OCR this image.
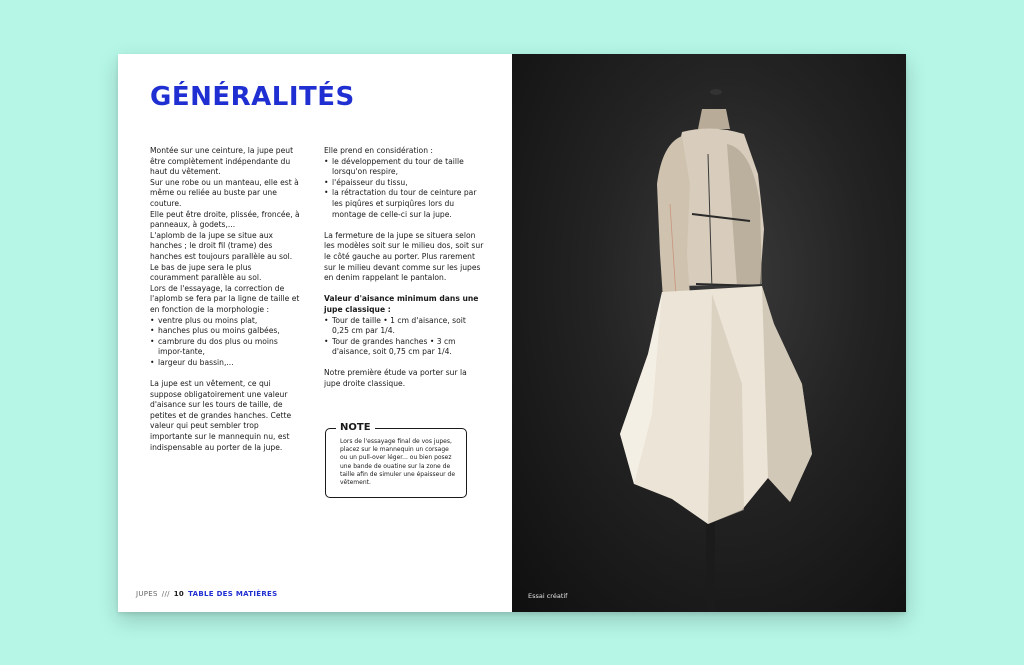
GÉNÉRALITÉS

Montée sur une ceinture, la jupe peut être complètement indépendante du haut du vêtement.

Sur une robe ou un manteau, elle est à même ou reliée au buste par une couture.

Elle peut être droite, plissée, froncée, à panneaux, à godets,...

L'aplomb de la jupe se situe aux hanches ; le droit fil (trame) des hanches est toujours parallèle au sol.

Le bas de jupe sera le plus couramment parallèle au sol.

Lors de l'essayage, la correction de l'aplomb se fera par la ligne de taille et en fonction de la morphologie :

• ventre plus ou moins plat,
• hanches plus ou moins galbées,
• cambrure du dos plus ou moins impor-tante,
• largeur du bassin,...

La jupe est un vêtement, ce qui suppose obligatoirement une valeur d'aisance sur les tours de taille, de petites et de grandes hanches. Cette valeur qui peut sembler trop importante sur le mannequin nu, est indispensable au porter de la jupe.

Elle prend en considération :

• le développement du tour de taille lorsqu'on respire,
• l'épaisseur du tissu,
• la rétractation du tour de ceinture par les piqûres et surpiqûres lors du montage de celle-ci sur la jupe.

La fermeture de la jupe se situera selon les modèles soit sur le milieu dos, soit sur le côté gauche au porter. Plus rarement sur le milieu devant comme sur les jupes en denim rappelant le pantalon.

Valeur d'aisance minimum dans une jupe classique :

• Tour de taille • 1 cm d'aisance, soit 0,25 cm par 1/4.
• Tour de grandes hanches • 3 cm d'aisance, soit 0,75 cm par 1/4.

Notre première étude va porter sur la jupe droite classique.

NOTE
Lors de l'essayage final de vos jupes, placez sur le mannequin un corsage ou un pull-over léger... ou bien posez une bande de ouatine sur la zone de taille afin de simuler une épaisseur de vêtement.
JUPES /// 10 TABLE DES MATIÈRES	Essai créatif
